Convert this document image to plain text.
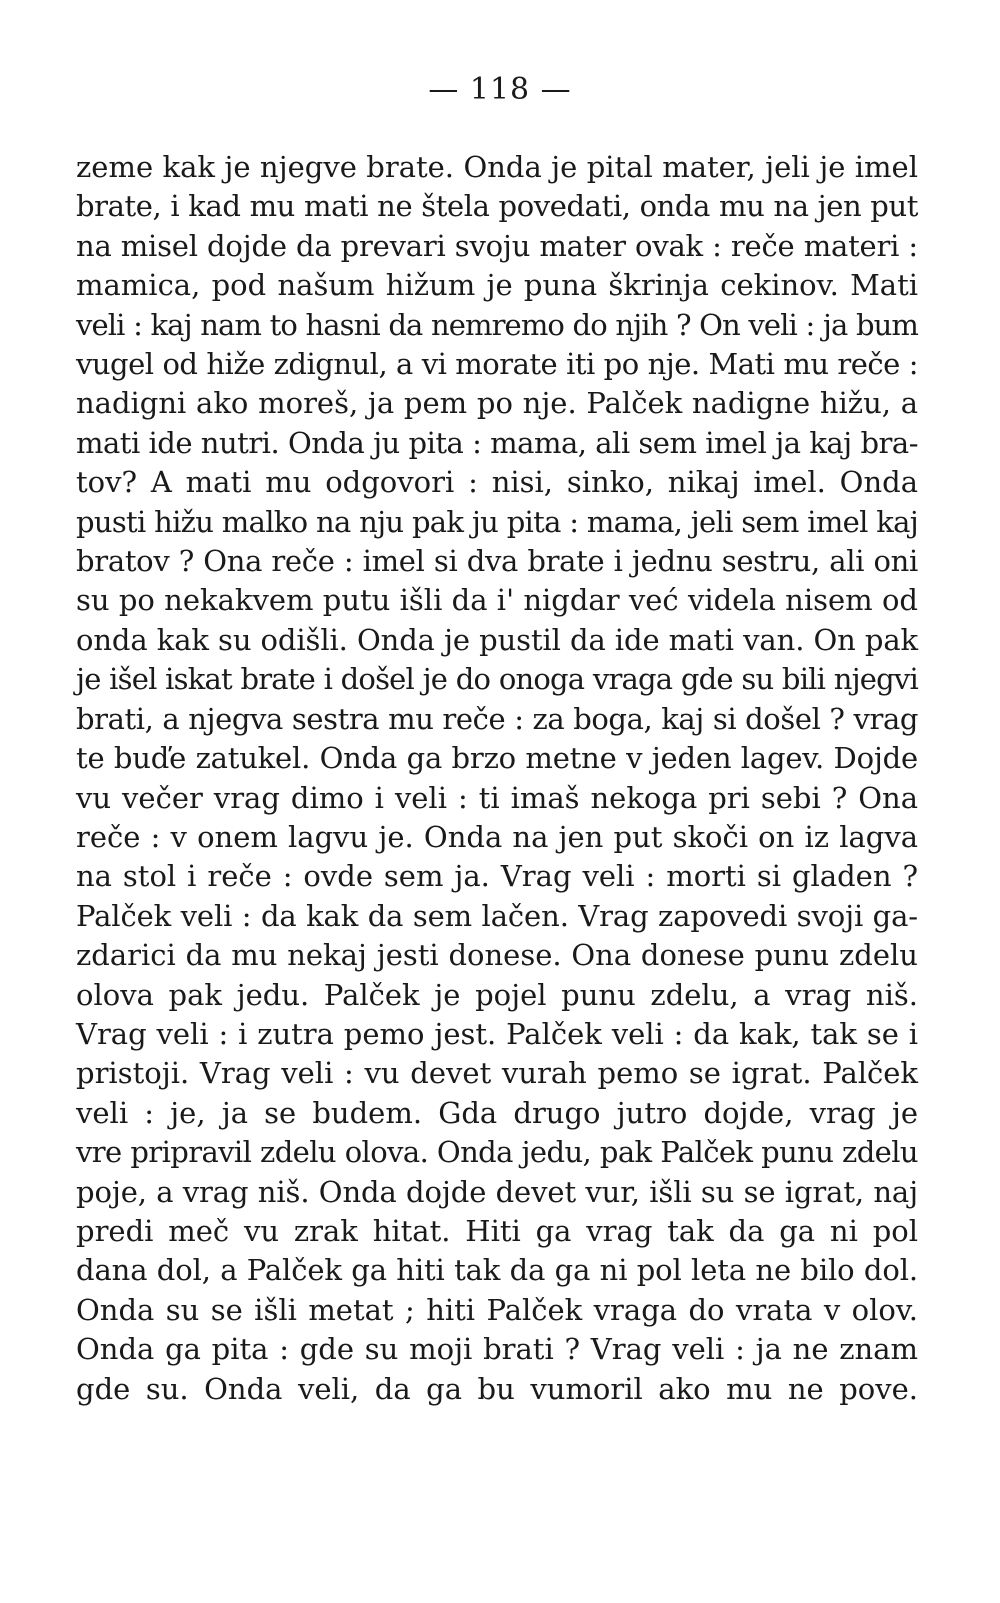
— 118 —
zeme kak je njegve brate. Onda je pital mater, jeli je imel
brate, i kad mu mati ne štela povedati, onda mu na jen put
na misel dojde da prevari svoju mater ovak : reče materi :
mamica, pod našum hižum je puna škrinja cekinov. Mati
veli : kaj nam to hasni da nemremo do njih ? On veli : ja bum
vugel od hiže zdignul, a vi morate iti po nje. Mati mu reče :
nadigni ako moreš, ja pem po nje. Palček nadigne hižu, a
mati ide nutri. Onda ju pita : mama, ali sem imel ja kaj bra-
tov? A mati mu odgovori : nisi, sinko, nikaj imel. Onda
pusti hižu malko na nju pak ju pita : mama, jeli sem imel kaj
bratov ? Ona reče : imel si dva brate i jednu sestru, ali oni
su po nekakvem putu išli da i' nigdar već videla nisem od
onda kak su odišli. Onda je pustil da ide mati van. On pak
je išel iskat brate i došel je do onoga vraga gde su bili njegvi
brati, a njegva sestra mu reče : za boga, kaj si došel ? vrag
te buďe zatukel. Onda ga brzo metne v jeden lagev. Dojde
vu večer vrag dimo i veli : ti imaš nekoga pri sebi ? Ona
reče : v onem lagvu je. Onda na jen put skoči on iz lagva
na stol i reče : ovde sem ja. Vrag veli : morti si gladen ?
Palček veli : da kak da sem lačen. Vrag zapovedi svoji ga-
zdarici da mu nekaj jesti donese. Ona donese punu zdelu
olova pak jedu. Palček je pojel punu zdelu, a vrag niš.
Vrag veli : i zutra pemo jest. Palček veli : da kak, tak se i
pristoji. Vrag veli : vu devet vurah pemo se igrat. Palček
veli : je, ja se budem. Gda drugo jutro dojde, vrag je
vre pripravil zdelu olova. Onda jedu, pak Palček punu zdelu
poje, a vrag niš. Onda dojde devet vur, išli su se igrat, naj
predi meč vu zrak hitat. Hiti ga vrag tak da ga ni pol
dana dol, a Palček ga hiti tak da ga ni pol leta ne bilo dol.
Onda su se išli metat ; hiti Palček vraga do vrata v olov.
Onda ga pita : gde su moji brati ? Vrag veli : ja ne znam
gde su. Onda veli, da ga bu vumoril ako mu ne pove.
